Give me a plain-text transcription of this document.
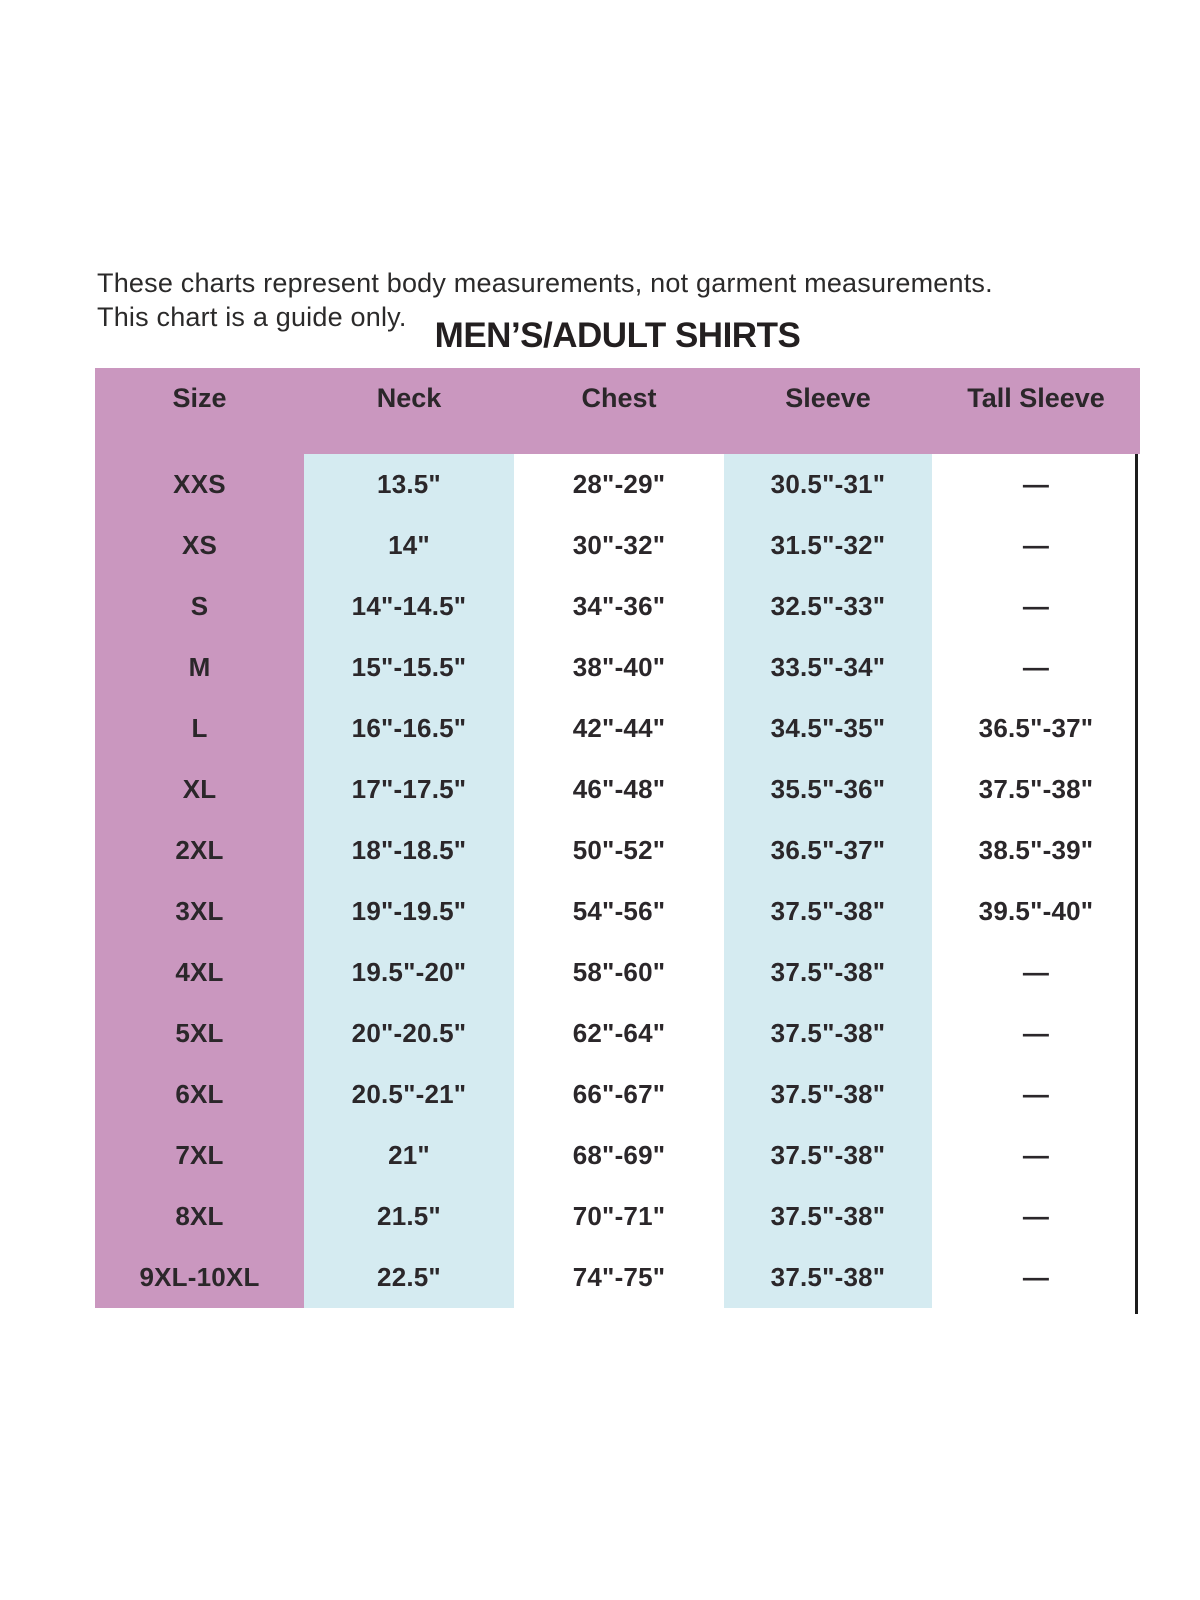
These charts represent body measurements, not garment measurements.
This chart is a guide only. MEN’S/ADULT SHIRTS
Size	Neck	Chest	Sleeve	Tall Sleeve
XXS	13.5"	28"-29"	30.5"-31"	—
XS	14"	30"-32"	31.5"-32"	—
S	14"-14.5"	34"-36"	32.5"-33"	—
M	15"-15.5"	38"-40"	33.5"-34"	—
L	16"-16.5"	42"-44"	34.5"-35"	36.5"-37"
XL	17"-17.5"	46"-48"	35.5"-36"	37.5"-38"
2XL	18"-18.5"	50"-52"	36.5"-37"	38.5"-39"
3XL	19"-19.5"	54"-56"	37.5"-38"	39.5"-40"
4XL	19.5"-20"	58"-60"	37.5"-38"	—
5XL	20"-20.5"	62"-64"	37.5"-38"	—
6XL	20.5"-21"	66"-67"	37.5"-38"	—
7XL	21"	68"-69"	37.5"-38"	—
8XL	21.5"	70"-71"	37.5"-38"	—
9XL-10XL	22.5"	74"-75"	37.5"-38"	—
